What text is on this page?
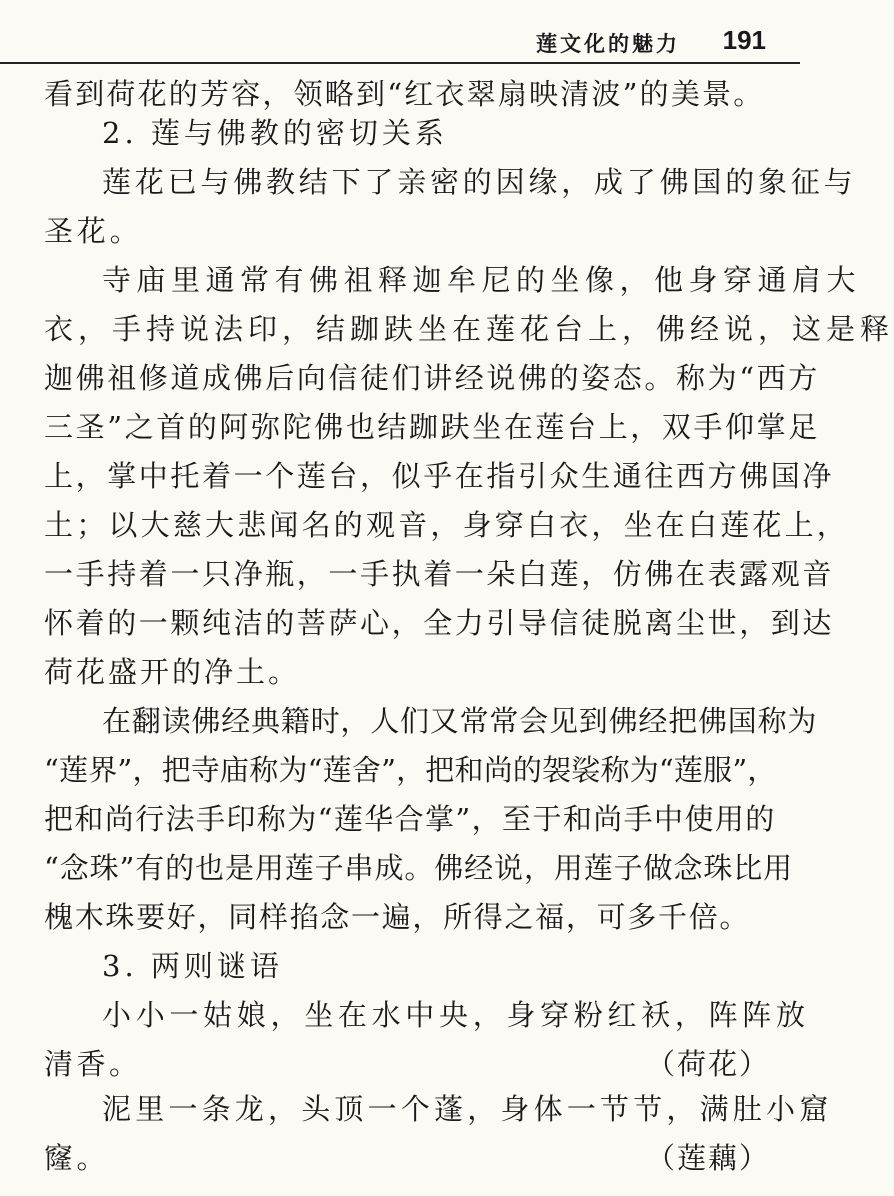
莲文化的魅力 191
看到荷花的芳容，领略到“红衣翠扇映清波”的美景。
2. 莲与佛教的密切关系
莲花已与佛教结下了亲密的因缘，成了佛国的象征与
圣花。
寺庙里通常有佛祖释迦牟尼的坐像，他身穿通肩大
衣，手持说法印，结跏趺坐在莲花台上，佛经说，这是释
迦佛祖修道成佛后向信徒们讲经说佛的姿态。称为“西方
三圣”之首的阿弥陀佛也结跏趺坐在莲台上，双手仰掌足
上，掌中托着一个莲台，似乎在指引众生通往西方佛国净
土；以大慈大悲闻名的观音，身穿白衣，坐在白莲花上，
一手持着一只净瓶，一手执着一朵白莲，仿佛在表露观音
怀着的一颗纯洁的菩萨心，全力引导信徒脱离尘世，到达
荷花盛开的净土。
在翻读佛经典籍时，人们又常常会见到佛经把佛国称为
“莲界”，把寺庙称为“莲舍”，把和尚的袈裟称为“莲服”，
把和尚行法手印称为“莲华合掌”，至于和尚手中使用的
“念珠”有的也是用莲子串成。佛经说，用莲子做念珠比用
槐木珠要好，同样掐念一遍，所得之福，可多千倍。
3. 两则谜语
小小一姑娘，坐在水中央，身穿粉红袄，阵阵放
清香。	（荷花）
泥里一条龙，头顶一个蓬，身体一节节，满肚小窟
窿。	（莲藕）
